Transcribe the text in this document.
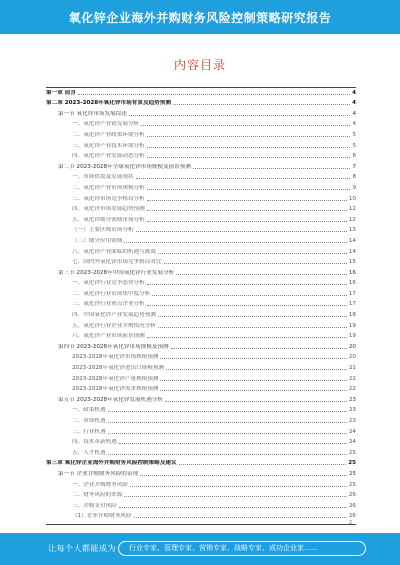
氧化锌企业海外并购财务风险控制策略研究报告
内容目录
第一章 前言	4
第二章 2023-2028年氧化锌市场背景及趋势预测	4
第一节 氧化锌市场发展综述	4
一、氧化锌产业链发展分析	4
二、氧化锌产业政策环境分析	5
三、氧化锌产业技术环境分析	5
四、氧化锌产业发展动态分析	6
第二节 2023-2028年全球氧化锌市场规模及前景预测	7
一、市场供需及发展现状	8
二、氧化锌产业市场规模分析	9
三、氧化锌市场竞争格局分析	10
四、氧化锌市场发展趋势预测	12
五、氧化锌细分领域市场分析	12
（一）主要区域市场分析	13
（二）细分应用领域	14
六、氧化锌产业面临的机遇与挑战	14
七、国内外氧化锌市场竞争格局对比	15
第三节 2023-2028年中国氧化锌行业发展分析	16
一、氧化锌行业竞争态势分析	16
二、氧化锌行业市场集中度分析	17
三、氧化锌行业重点企业分析	17
四、中国氧化锌产业发展趋势预测	18
五、氧化锌行业企业并购情况分析	19
六、氧化锌产业市场前景预测	19
第四节 2023-2028年氧化锌市场规模及预测	20
2023-2028年氧化锌市场规模预测	20
2023-2028年氧化锌进出口规模预测	21
2023-2028年氧化锌产量规模预测	22
2023-2028年氧化锌需求规模预测	22
第五节 2023-2028年氧化锌发展机遇分析	23
一、政策机遇	23
二、市场机遇	23
三、行业机遇	24
四、技术革新机遇	24
五、人才机遇	25
第三章 氧化锌企业海外并购财务风险控制策略及建议	25
第一节 企业并购财务风险的表现	25
一、企业并购财务风险	25
二、财务风险的来源	26
三、并购支付风险	26
（1）企业并购财务风险	26
2
让每个人都能成为	行业专家、管理专家、营销专家、战略专家、成功企业家……
